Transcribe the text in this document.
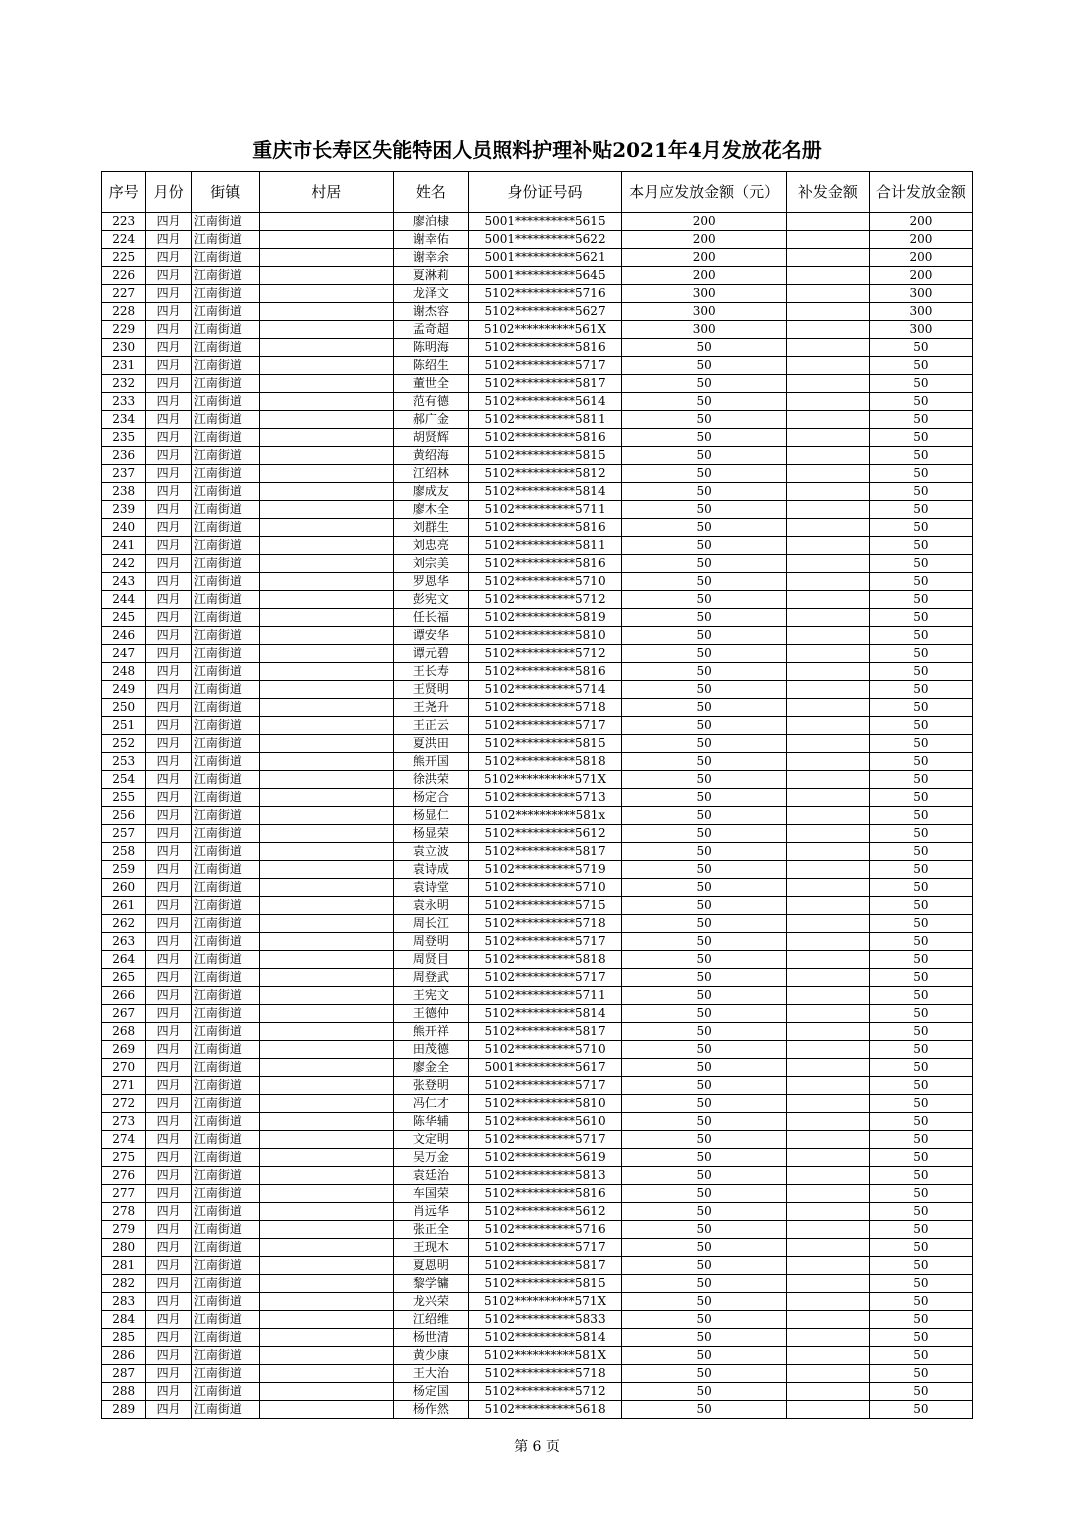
重庆市长寿区失能特困人员照料护理补贴2021年4月发放花名册
序号	月份	街镇	村居	姓名	身份证号码	本月应发放金额（元）	补发金额	合计发放金额
223	四月	江南街道		廖泊棣	5001**********5615	200		200
224	四月	江南街道		谢幸佑	5001**********5622	200		200
225	四月	江南街道		谢幸余	5001**********5621	200		200
226	四月	江南街道		夏淋莉	5001**********5645	200		200
227	四月	江南街道		龙泽文	5102**********5716	300		300
228	四月	江南街道		谢杰容	5102**********5627	300		300
229	四月	江南街道		孟奇超	5102**********561X	300		300
230	四月	江南街道		陈明海	5102**********5816	50		50
231	四月	江南街道		陈绍生	5102**********5717	50		50
232	四月	江南街道		董世全	5102**********5817	50		50
233	四月	江南街道		范有德	5102**********5614	50		50
234	四月	江南街道		郝广金	5102**********5811	50		50
235	四月	江南街道		胡贤辉	5102**********5816	50		50
236	四月	江南街道		黄绍海	5102**********5815	50		50
237	四月	江南街道		江绍林	5102**********5812	50		50
238	四月	江南街道		廖成友	5102**********5814	50		50
239	四月	江南街道		廖木全	5102**********5711	50		50
240	四月	江南街道		刘群生	5102**********5816	50		50
241	四月	江南街道		刘忠亮	5102**********5811	50		50
242	四月	江南街道		刘宗美	5102**********5816	50		50
243	四月	江南街道		罗恩华	5102**********5710	50		50
244	四月	江南街道		彭宪文	5102**********5712	50		50
245	四月	江南街道		任长福	5102**********5819	50		50
246	四月	江南街道		谭安华	5102**********5810	50		50
247	四月	江南街道		谭元碧	5102**********5712	50		50
248	四月	江南街道		王长寿	5102**********5816	50		50
249	四月	江南街道		王贤明	5102**********5714	50		50
250	四月	江南街道		王尧升	5102**********5718	50		50
251	四月	江南街道		王正云	5102**********5717	50		50
252	四月	江南街道		夏洪田	5102**********5815	50		50
253	四月	江南街道		熊开国	5102**********5818	50		50
254	四月	江南街道		徐洪荣	5102**********571X	50		50
255	四月	江南街道		杨定合	5102**********5713	50		50
256	四月	江南街道		杨显仁	5102**********581x	50		50
257	四月	江南街道		杨显荣	5102**********5612	50		50
258	四月	江南街道		袁立波	5102**********5817	50		50
259	四月	江南街道		袁诗成	5102**********5719	50		50
260	四月	江南街道		袁诗堂	5102**********5710	50		50
261	四月	江南街道		袁永明	5102**********5715	50		50
262	四月	江南街道		周长江	5102**********5718	50		50
263	四月	江南街道		周登明	5102**********5717	50		50
264	四月	江南街道		周贤目	5102**********5818	50		50
265	四月	江南街道		周登武	5102**********5717	50		50
266	四月	江南街道		王宪文	5102**********5711	50		50
267	四月	江南街道		王德仲	5102**********5814	50		50
268	四月	江南街道		熊开祥	5102**********5817	50		50
269	四月	江南街道		田茂德	5102**********5710	50		50
270	四月	江南街道		廖金全	5001**********5617	50		50
271	四月	江南街道		张登明	5102**********5717	50		50
272	四月	江南街道		冯仁才	5102**********5810	50		50
273	四月	江南街道		陈华辅	5102**********5610	50		50
274	四月	江南街道		文定明	5102**********5717	50		50
275	四月	江南街道		吴万金	5102**********5619	50		50
276	四月	江南街道		袁廷治	5102**********5813	50		50
277	四月	江南街道		车国荣	5102**********5816	50		50
278	四月	江南街道		肖远华	5102**********5612	50		50
279	四月	江南街道		张正全	5102**********5716	50		50
280	四月	江南街道		王现木	5102**********5717	50		50
281	四月	江南街道		夏恩明	5102**********5817	50		50
282	四月	江南街道		黎学镛	5102**********5815	50		50
283	四月	江南街道		龙兴荣	5102**********571X	50		50
284	四月	江南街道		江绍维	5102**********5833	50		50
285	四月	江南街道		杨世清	5102**********5814	50		50
286	四月	江南街道		黄少康	5102**********581X	50		50
287	四月	江南街道		王大治	5102**********5718	50		50
288	四月	江南街道		杨定国	5102**********5712	50		50
289	四月	江南街道		杨作然	5102**********5618	50		50
第 6 页
